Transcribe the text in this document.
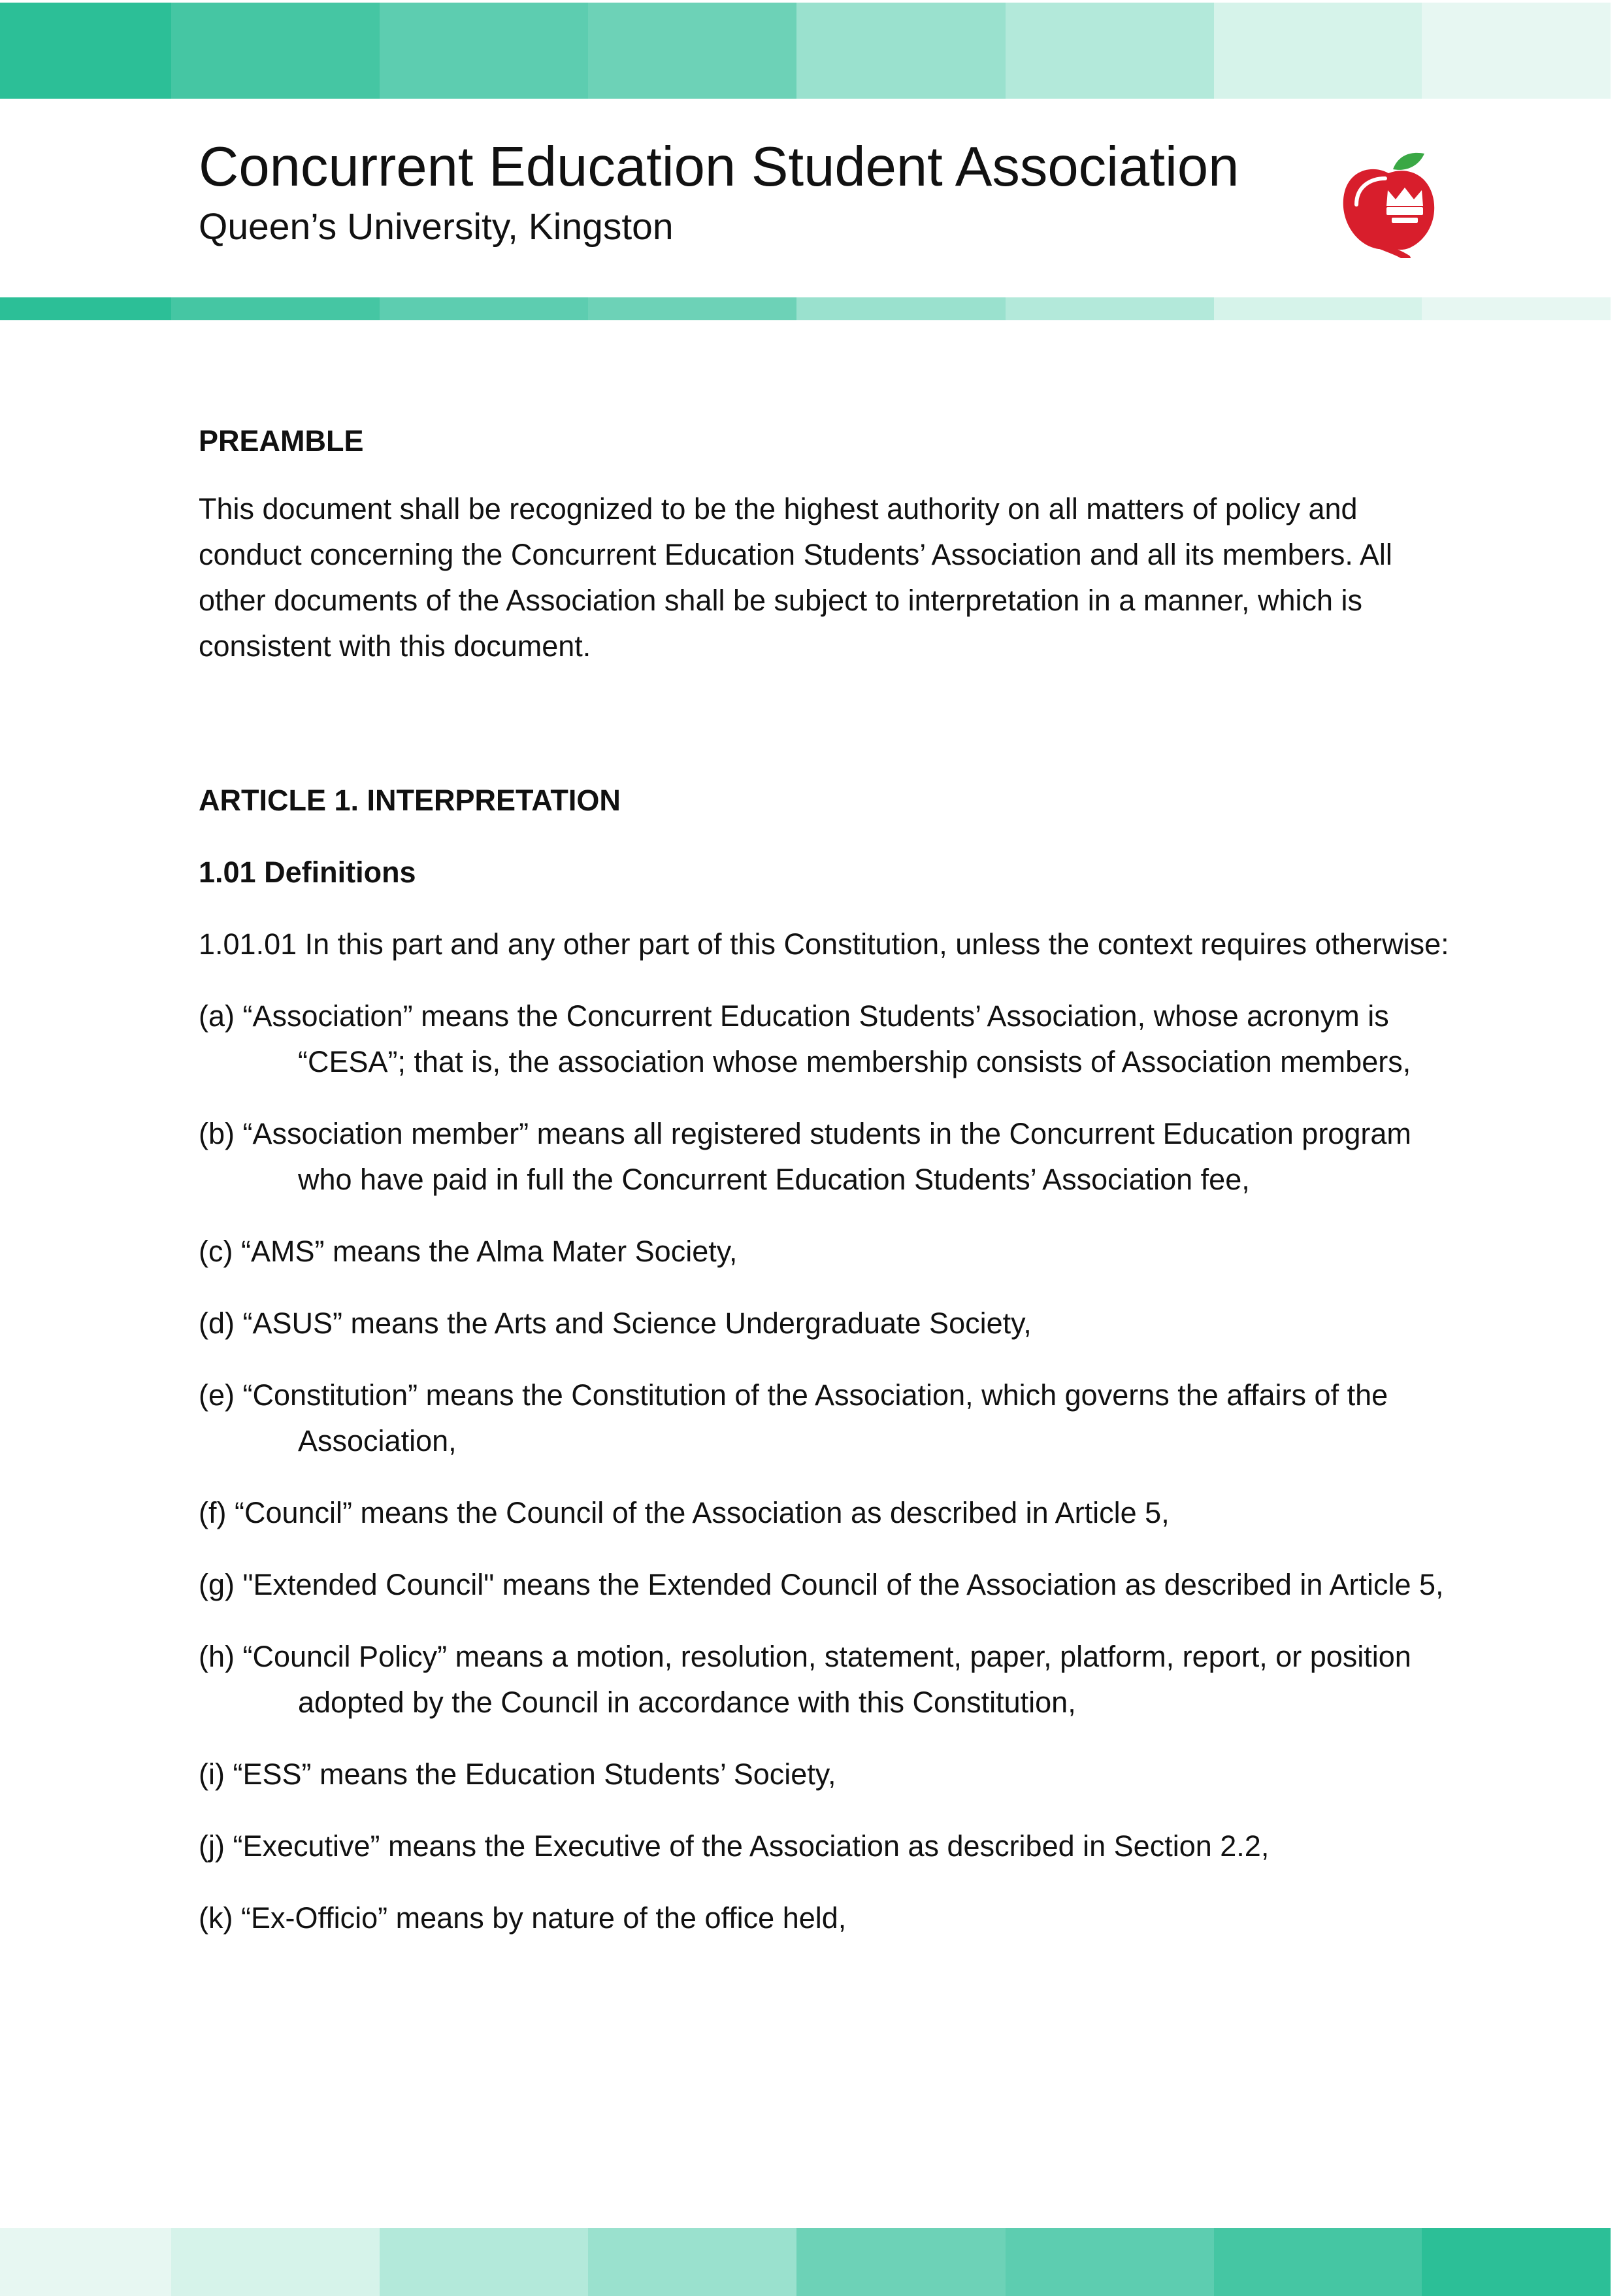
Concurrent Education Student Association
Queen’s University, Kingston
PREAMBLE

This document shall be recognized to be the highest authority on all matters of policy and conduct concerning the Concurrent Education Students’ Association and all its members. All other documents of the Association shall be subject to interpretation in a manner, which is consistent with this document.

ARTICLE 1. INTERPRETATION
1.01 Definitions

1.01.01 In this part and any other part of this Constitution, unless the context requires otherwise:

(a) “Association” means the Concurrent Education Students’ Association, whose acronym is “CESA”; that is, the association whose membership consists of Association members,
(b) “Association member” means all registered students in the Concurrent Education program who have paid in full the Concurrent Education Students’ Association fee,
(c) “AMS” means the Alma Mater Society,
(d) “ASUS” means the Arts and Science Undergraduate Society,
(e) “Constitution” means the Constitution of the Association, which governs the affairs of the Association,
(f) “Council” means the Council of the Association as described in Article 5,
(g) "Extended Council" means the Extended Council of the Association as described in Article 5,
(h) “Council Policy” means a motion, resolution, statement, paper, platform, report, or position adopted by the Council in accordance with this Constitution,
(i) “ESS” means the Education Students’ Society,
(j) “Executive” means the Executive of the Association as described in Section 2.2,
(k) “Ex-Officio” means by nature of the office held,
